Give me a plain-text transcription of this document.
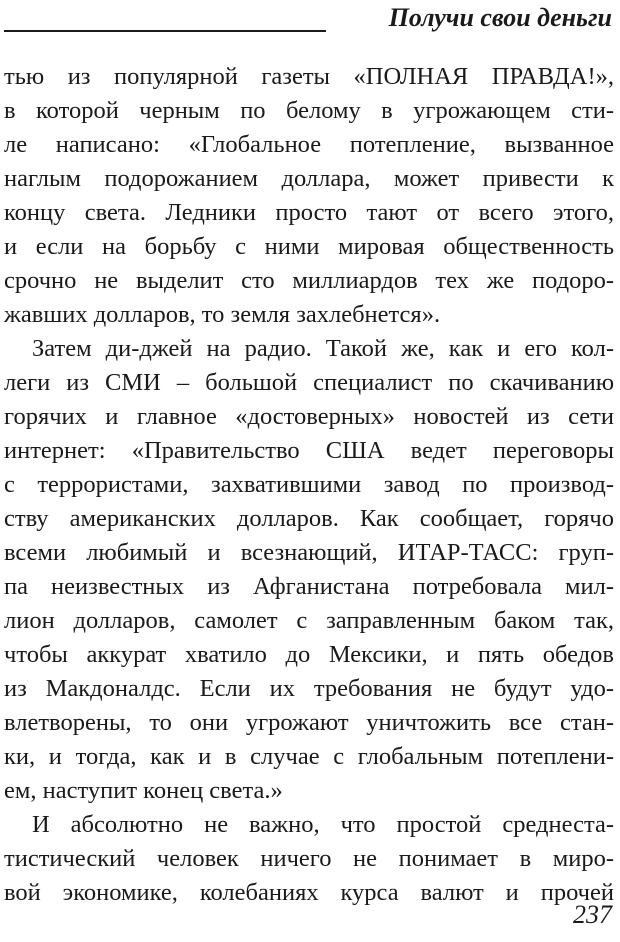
Получи свои деньги
тью из популярной газеты «ПОЛНАЯ ПРАВДА!»,
в которой черным по белому в угрожающем сти-
ле написано: «Глобальное потепление, вызванное
наглым подорожанием доллара, может привести к
концу света. Ледники просто тают от всего этого,
и если на борьбу с ними мировая общественность
срочно не выделит сто миллиардов тех же подоро-
жавших долларов, то земля захлебнется».
Затем ди-джей на радио. Такой же, как и его кол-
леги из СМИ – большой специалист по скачиванию
горячих и главное «достоверных» новостей из сети
интернет: «Правительство США ведет переговоры
с террористами, захватившими завод по производ-
ству американских долларов. Как сообщает, горячо
всеми любимый и всезнающий, ИТАР-ТАСС: груп-
па неизвестных из Афганистана потребовала мил-
лион долларов, самолет с заправленным баком так,
чтобы аккурат хватило до Мексики, и пять обедов
из Макдоналдс. Если их требования не будут удо-
влетворены, то они угрожают уничтожить все стан-
ки, и тогда, как и в случае с глобальным потеплени-
ем, наступит конец света.»
И абсолютно не важно, что простой среднеста-
тистический человек ничего не понимает в миро-
вой экономике, колебаниях курса валют и прочей
237
